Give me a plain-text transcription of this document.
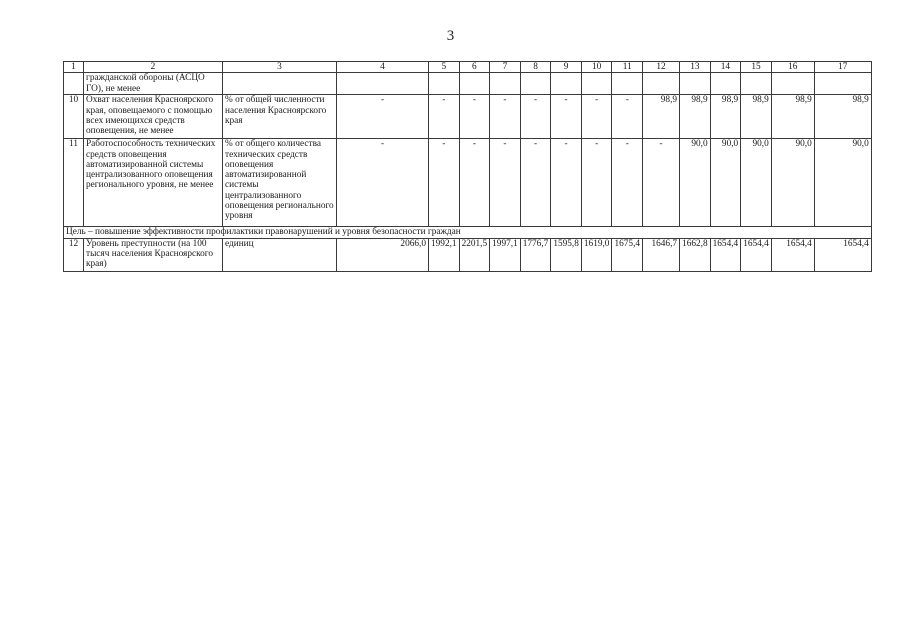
3
1	2	3	4	5	6	7	8	9	10	11	12	13	14	15	16	17
	гражданской обороны (АСЦО ГО), не менее															
10	Охват населения Красноярского края, оповещаемого с помощью всех имеющихся средств оповещения, не менее	% от общей численности населения Красноярского края	-	-	-	-	-	-	-	-	98,9	98,9	98,9	98,9	98,9	98,9
11	Работоспособность технических средств оповещения автоматизированной системы централизованного оповещения регионального уровня, не менее	% от общего количества технических средств оповещения автоматизированной системы централизованного оповещения регионального уровня	-	-	-	-	-	-	-	-	-	90,0	90,0	90,0	90,0	90,0
Цель – повышение эффективности профилактики правонарушений и уровня безопасности граждан																
12	Уровень преступности (на 100 тысяч населения Красноярского края)	единиц	2066,0	1992,1	2201,5	1997,1	1776,7	1595,8	1619,0	1675,4	1646,7	1662,8	1654,4	1654,4	1654,4	1654,4
